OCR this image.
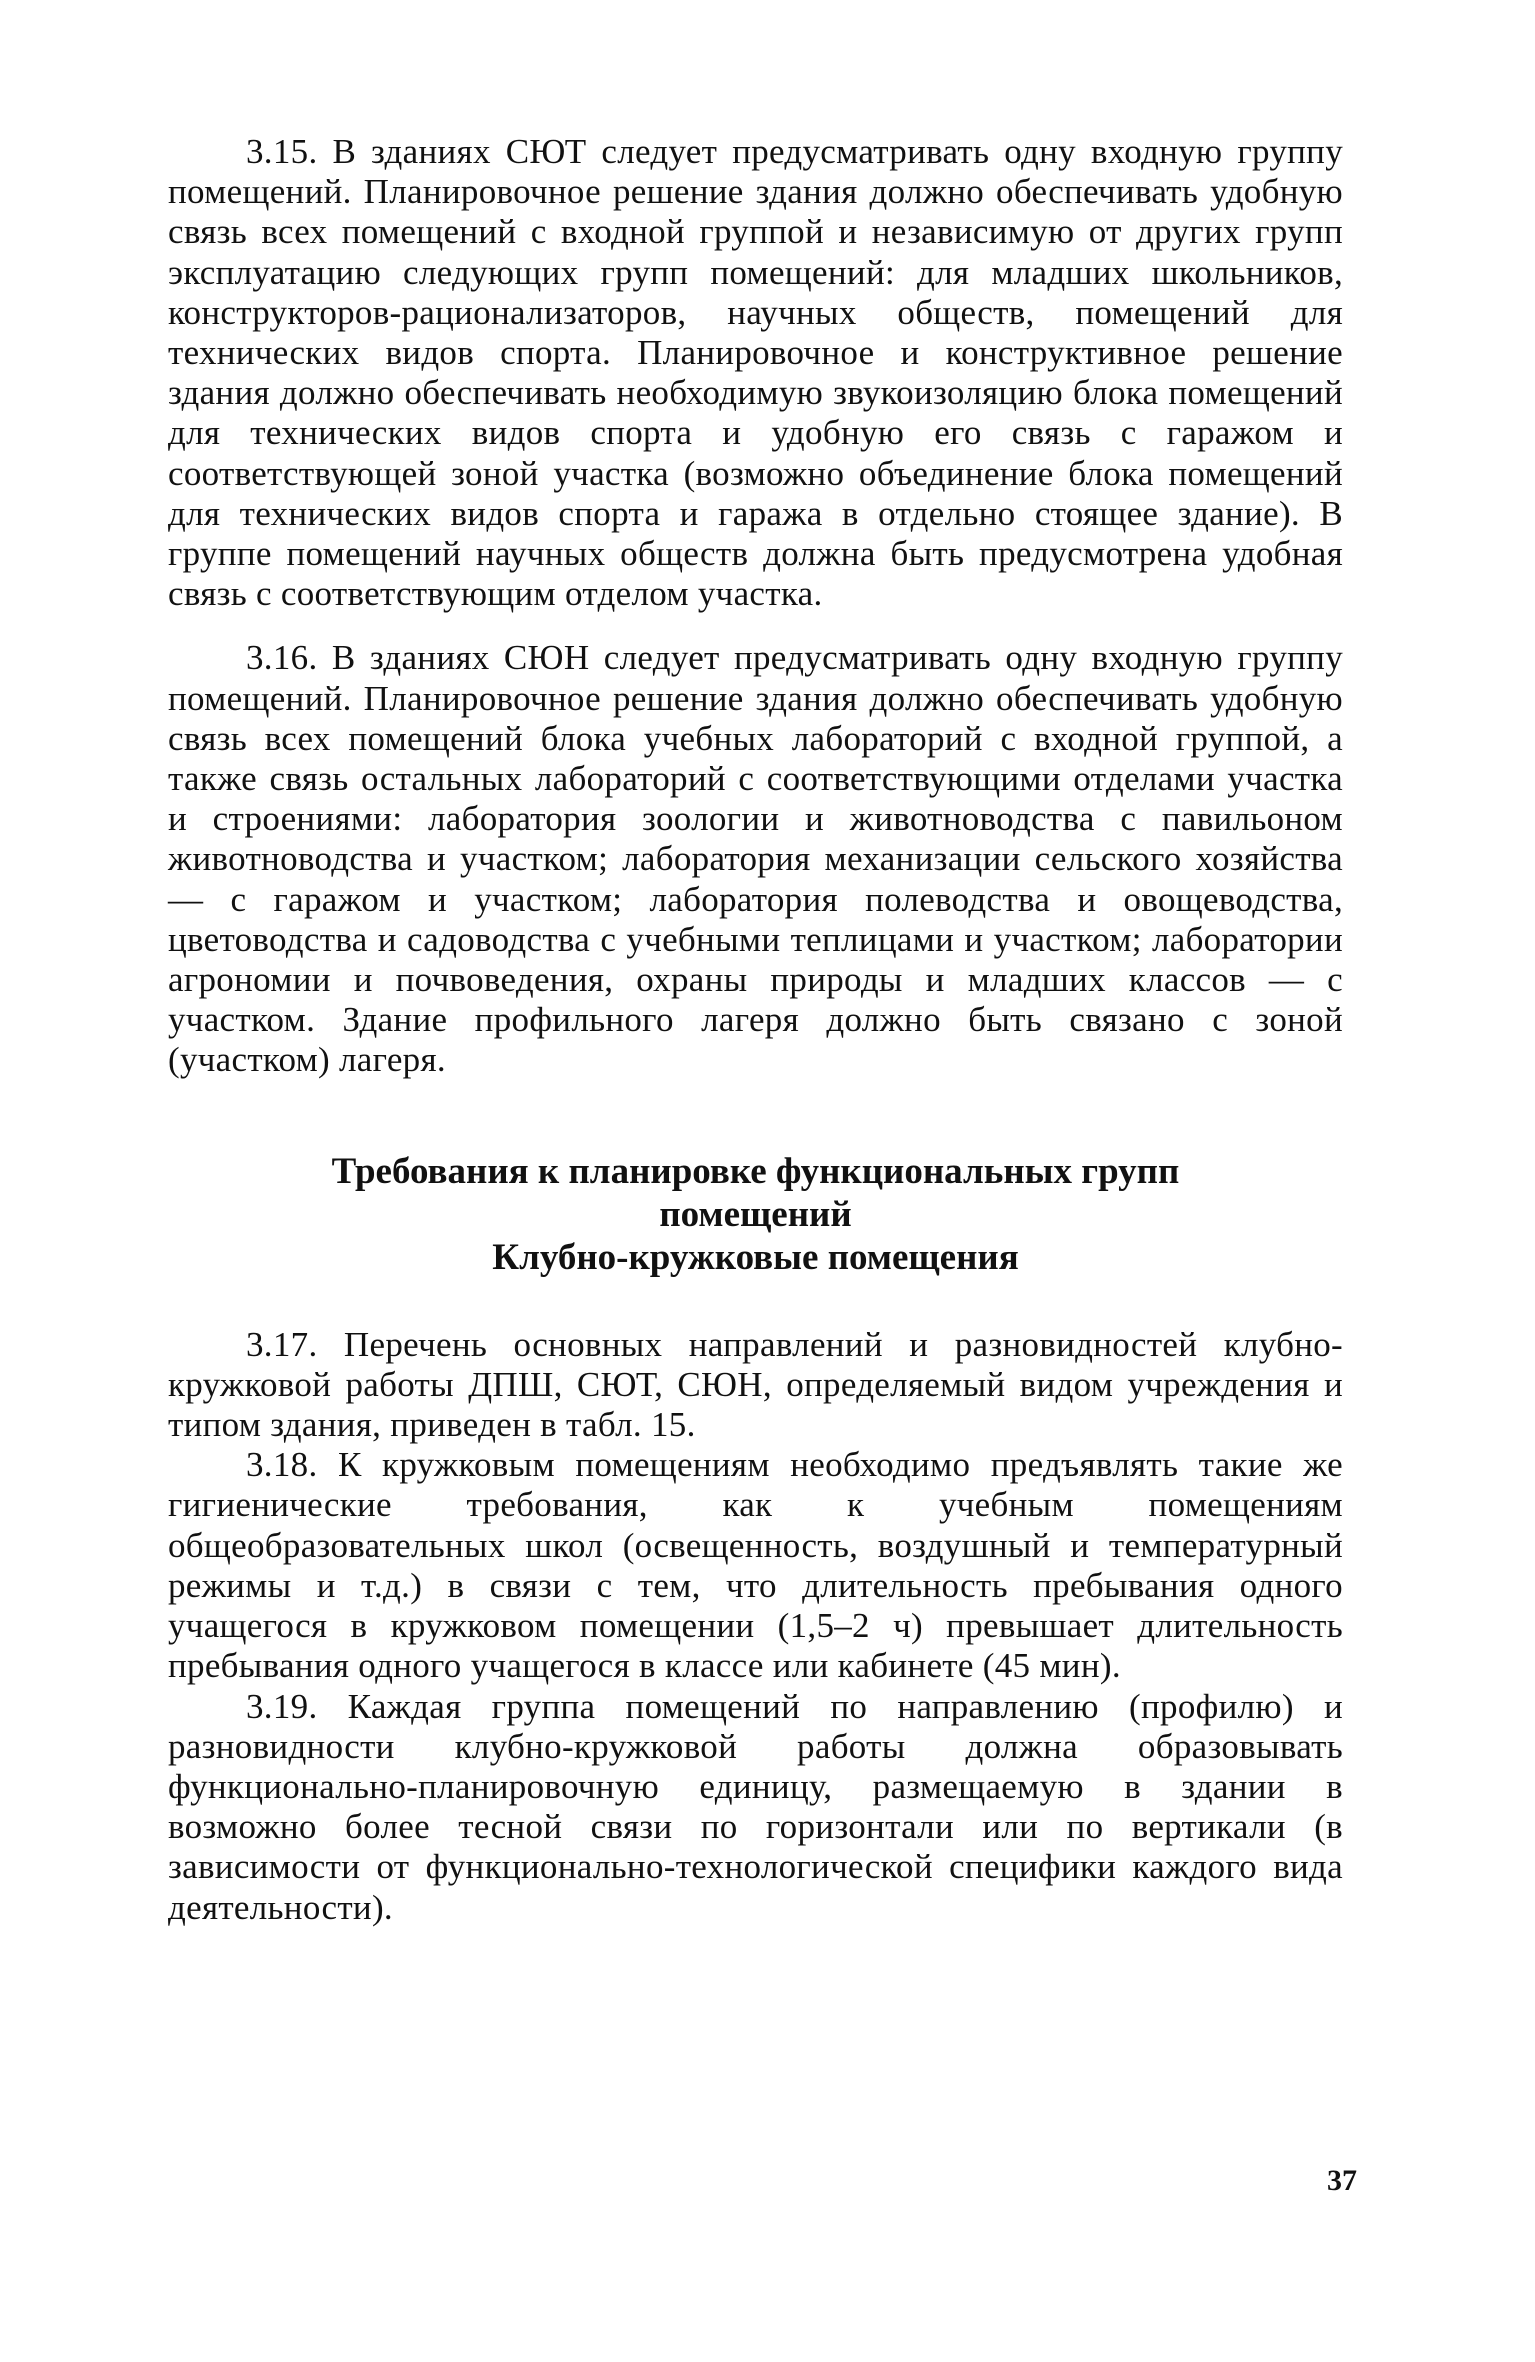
3.15. В зданиях СЮТ следует предусматривать одну входную группу помещений. Планировочное решение здания должно обеспечивать удобную связь всех помещений с входной группой и независимую от других групп эксплуатацию следующих групп помещений: для младших школьников, конструкторов-рационализаторов, научных обществ, помещений для технических видов спорта. Планировочное и конструктивное решение здания должно обеспечивать необходимую звукоизоляцию блока помещений для технических видов спорта и удобную его связь с гаражом и соответствующей зоной участка (возможно объединение блока помещений для технических видов спорта и гаража в отдельно стоящее здание). В группе помещений научных обществ должна быть предусмотрена удобная связь с соответствующим отделом участка.

3.16. В зданиях СЮН следует предусматривать одну входную группу помещений. Планировочное решение здания должно обеспечивать удобную связь всех помещений блока учебных лабораторий с входной группой, а также связь остальных лабораторий с соответствующими отделами участка и строениями: лаборатория зоологии и животноводства с павильоном животноводства и участком; лаборатория механизации сельского хозяйства — с гаражом и участком; лаборатория полеводства и овощеводства, цветоводства и садоводства с учебными теплицами и участком; лаборатории агрономии и почвоведения, охраны природы и младших классов — с участком. Здание профильного лагеря должно быть связано с зоной (участком) лагеря.

Требования к планировке функциональных групп
помещений
Клубно-кружковые помещения

3.17. Перечень основных направлений и разновидностей клубно-кружковой работы ДПШ, СЮТ, СЮН, определяемый видом учреждения и типом здания, приведен в табл. 15.

3.18. К кружковым помещениям необходимо предъявлять такие же гигиенические требования, как к учебным помещениям общеобразовательных школ (освещенность, воздушный и температурный режимы и т.д.) в связи с тем, что длительность пребывания одного учащегося в кружковом помещении (1,5–2 ч) превышает длительность пребывания одного учащегося в классе или кабинете (45 мин).

3.19. Каждая группа помещений по направлению (профилю) и разновидности клубно-кружковой работы должна образовывать функционально-планировочную единицу, размещаемую в здании в возможно более тесной связи по горизонтали или по вертикали (в зависимости от функционально-технологической специфики каждого вида деятельности).

37
